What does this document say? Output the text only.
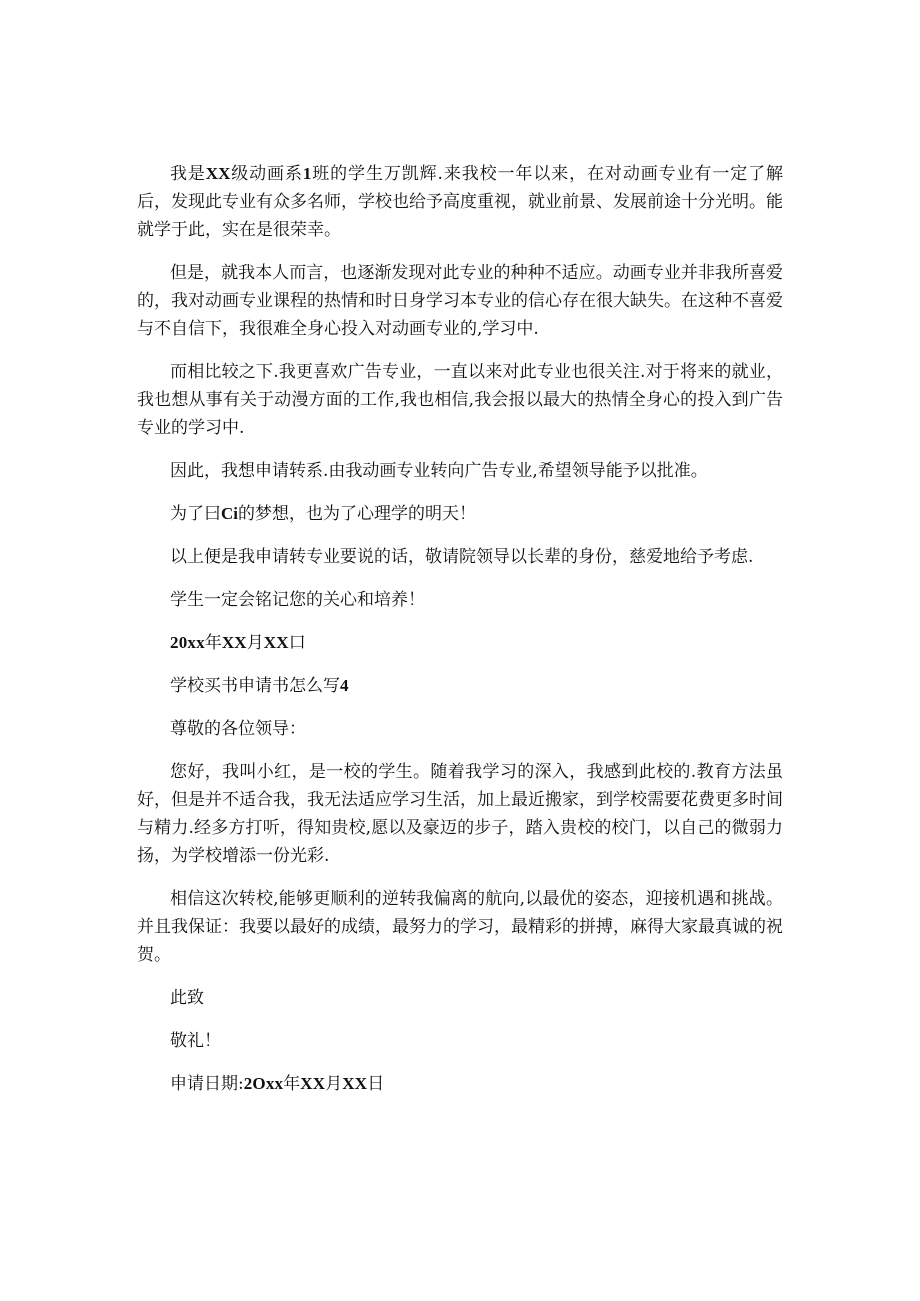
我是XX级动画系1班的学生万凯辉.来我校一年以来，在对动画专业有一定了解后，发现此专业有众多名师，学校也给予高度重视，就业前景、发展前途十分光明。能就学于此，实在是很荣幸。

但是，就我本人而言，也逐渐发现对此专业的种种不适应。动画专业并非我所喜爱的，我对动画专业课程的热情和时日身学习本专业的信心存在很大缺失。在这种不喜爱与不自信下，我很难全身心投入对动画专业的,学习中.

而相比较之下.我更喜欢广告专业，一直以来对此专业也很关注.对于将来的就业，我也想从事有关于动漫方面的工作,我也相信,我会报以最大的热情全身心的投入到广告专业的学习中.

因此，我想申请转系.由我动画专业转向广告专业,希望领导能予以批准。

为了曰Ci的梦想，也为了心理学的明天！

以上便是我申请转专业要说的话，敬请院领导以长辈的身份，慈爱地给予考虑.

学生一定会铭记您的关心和培养！

20xx年XX月XX口

学校买书申请书怎么写4

尊敬的各位领导：

您好，我叫小红，是一校的学生。随着我学习的深入，我感到此校的.教育方法虽好，但是并不适合我，我无法适应学习生活，加上最近搬家，到学校需要花费更多时间与精力.经多方打听，得知贵校,愿以及豪迈的步子，踏入贵校的校门，以自己的微弱力扬，为学校增添一份光彩.

相信这次转校,能够更顺利的逆转我偏离的航向,以最优的姿态，迎接机遇和挑战。并且我保证：我要以最好的成绩，最努力的学习，最精彩的拼搏，麻得大家最真诚的祝贺。

此致

敬礼！

申请日期:2Oxx年XX月XX日
